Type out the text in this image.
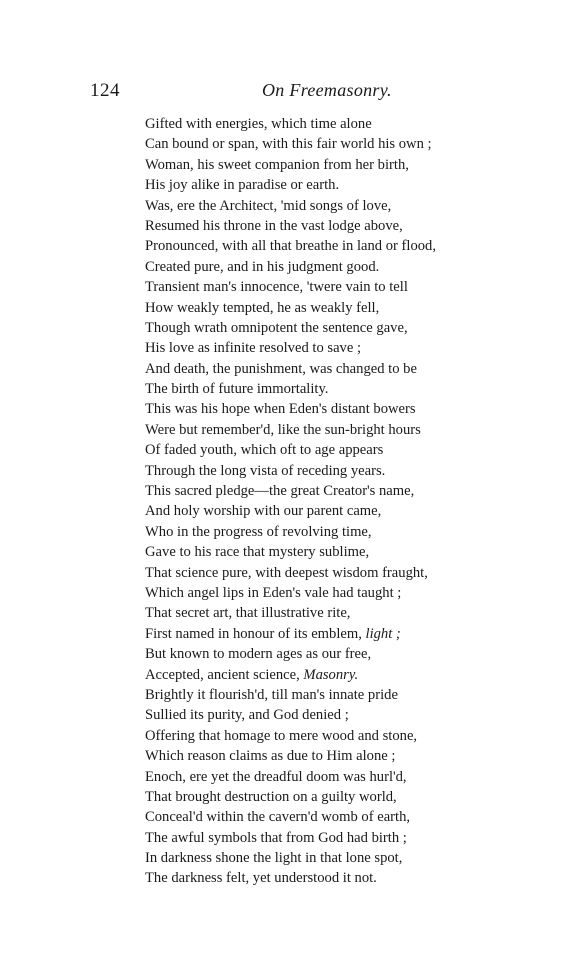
124	On Freemasonry.
Gifted with energies, which time alone
Can bound or span, with this fair world his own ;
Woman, his sweet companion from her birth,
His joy alike in paradise or earth.
Was, ere the Architect, 'mid songs of love,
Resumed his throne in the vast lodge above,
Pronounced, with all that breathe in land or flood,
Created pure, and in his judgment good.
Transient man's innocence, 'twere vain to tell
How weakly tempted, he as weakly fell,
Though wrath omnipotent the sentence gave,
His love as infinite resolved to save ;
And death, the punishment, was changed to be
The birth of future immortality.
This was his hope when Eden's distant bowers
Were but remember'd, like the sun-bright hours
Of faded youth, which oft to age appears
Through the long vista of receding years.
This sacred pledge—the great Creator's name,
And holy worship with our parent came,
Who in the progress of revolving time,
Gave to his race that mystery sublime,
That science pure, with deepest wisdom fraught,
Which angel lips in Eden's vale had taught ;
That secret art, that illustrative rite,
First named in honour of its emblem, light ;
But known to modern ages as our free,
Accepted, ancient science, Masonry.
Brightly it flourish'd, till man's innate pride
Sullied its purity, and God denied ;
Offering that homage to mere wood and stone,
Which reason claims as due to Him alone ;
Enoch, ere yet the dreadful doom was hurl'd,
That brought destruction on a guilty world,
Conceal'd within the cavern'd womb of earth,
The awful symbols that from God had birth ;
In darkness shone the light in that lone spot,
The darkness felt, yet understood it not.
